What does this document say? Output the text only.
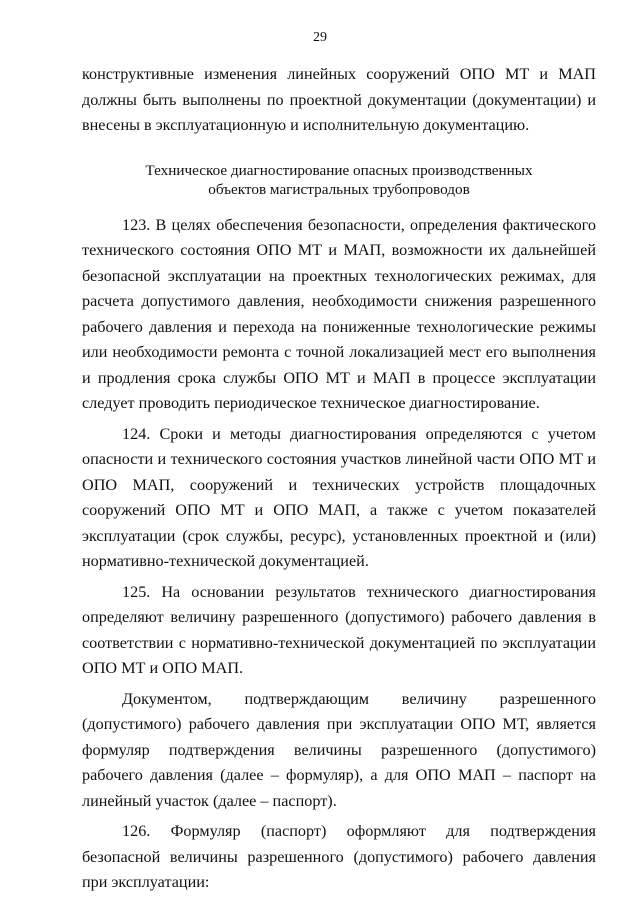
29

конструктивные изменения линейных сооружений ОПО МТ и МАП должны быть выполнены по проектной документации (документации) и внесены в эксплуатационную и исполнительную документацию.

Техническое диагностирование опасных производственных
объектов магистральных трубопроводов

123. В целях обеспечения безопасности, определения фактического технического состояния ОПО МТ и МАП, возможности их дальнейшей безопасной эксплуатации на проектных технологических режимах, для расчета допустимого давления, необходимости снижения разрешенного рабочего давления и перехода на пониженные технологические режимы или необходимости ремонта с точной локализацией мест его выполнения и продления срока службы ОПО МТ и МАП в процессе эксплуатации следует проводить периодическое техническое диагностирование.

124. Сроки и методы диагностирования определяются с учетом опасности и технического состояния участков линейной части ОПО МТ и ОПО МАП, сооружений и технических устройств площадочных сооружений ОПО МТ и ОПО МАП, а также с учетом показателей эксплуатации (срок службы, ресурс), установленных проектной и (или) нормативно-технической документацией.

125. На основании результатов технического диагностирования определяют величину разрешенного (допустимого) рабочего давления в соответствии с нормативно-технической документацией по эксплуатации ОПО МТ и ОПО МАП.

Документом, подтверждающим величину разрешенного (допустимого) рабочего давления при эксплуатации ОПО МТ, является формуляр подтверждения величины разрешенного (допустимого) рабочего давления (далее – формуляр), а для ОПО МАП – паспорт на линейный участок (далее – паспорт).

126. Формуляр (паспорт) оформляют для подтверждения безопасной величины разрешенного (допустимого) рабочего давления при эксплуатации:
